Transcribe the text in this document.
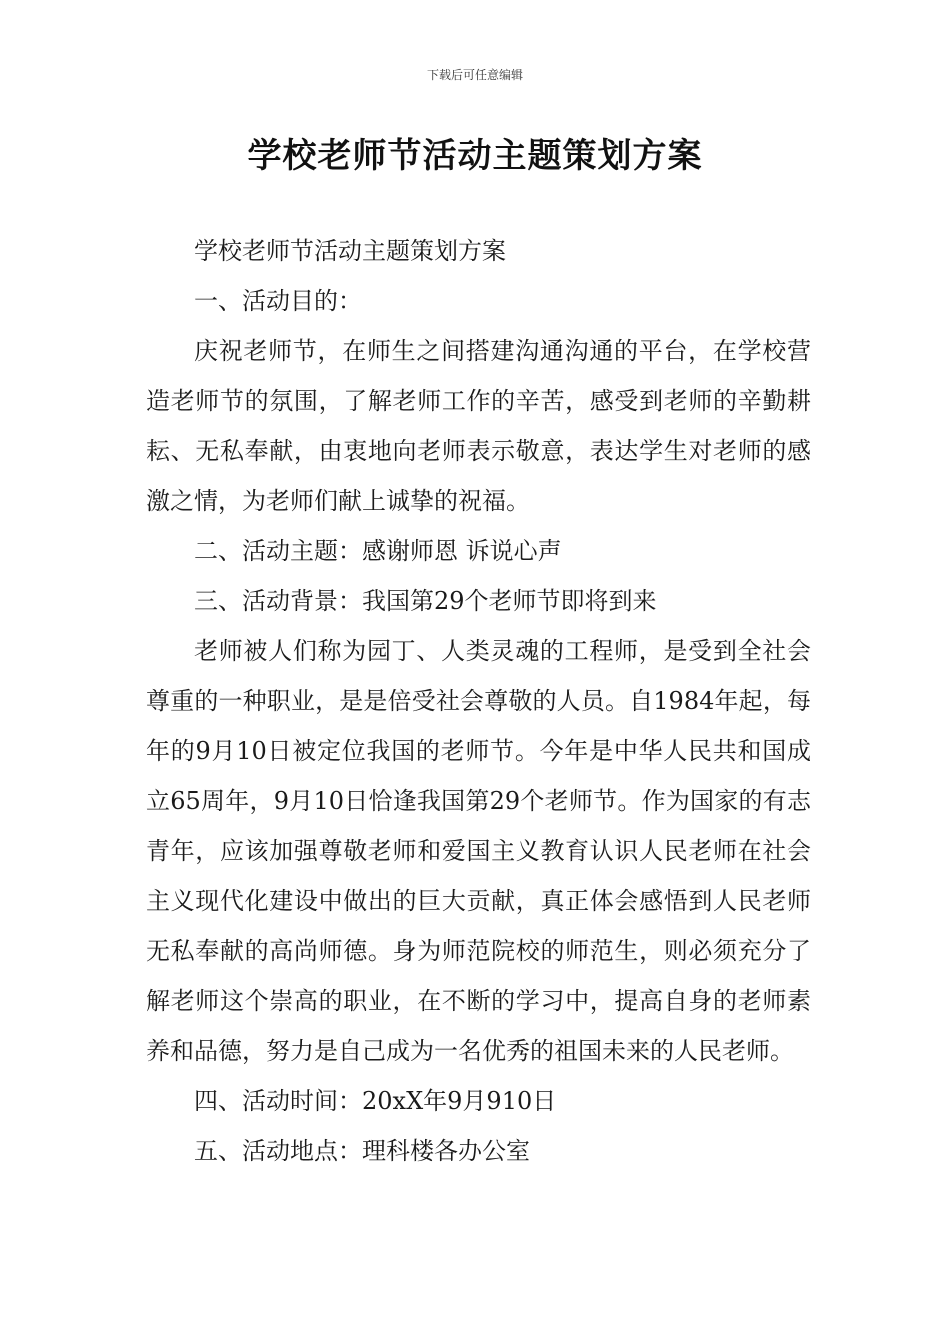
下载后可任意编辑
学校老师节活动主题策划方案

学校老师节活动主题策划方案

一、活动目的：

庆祝老师节，在师生之间搭建沟通沟通的平台，在学校营造老师节的氛围，了解老师工作的辛苦，感受到老师的辛勤耕耘、无私奉献，由衷地向老师表示敬意，表达学生对老师的感激之情，为老师们献上诚挚的祝福。

二、活动主题：感谢师恩 诉说心声

三、活动背景：我国第29个老师节即将到来

老师被人们称为园丁、人类灵魂的工程师，是受到全社会尊重的一种职业，是是倍受社会尊敬的人员。自1984年起，每年的9月10日被定位我国的老师节。今年是中华人民共和国成立65周年，9月10日恰逢我国第29个老师节。作为国家的有志青年，应该加强尊敬老师和爱国主义教育认识人民老师在社会主义现代化建设中做出的巨大贡献，真正体会感悟到人民老师无私奉献的高尚师德。身为师范院校的师范生，则必须充分了解老师这个崇高的职业，在不断的学习中，提高自身的老师素养和品德，努力是自己成为一名优秀的祖国未来的人民老师。

四、活动时间：20xX年9月910日

五、活动地点：理科楼各办公室
